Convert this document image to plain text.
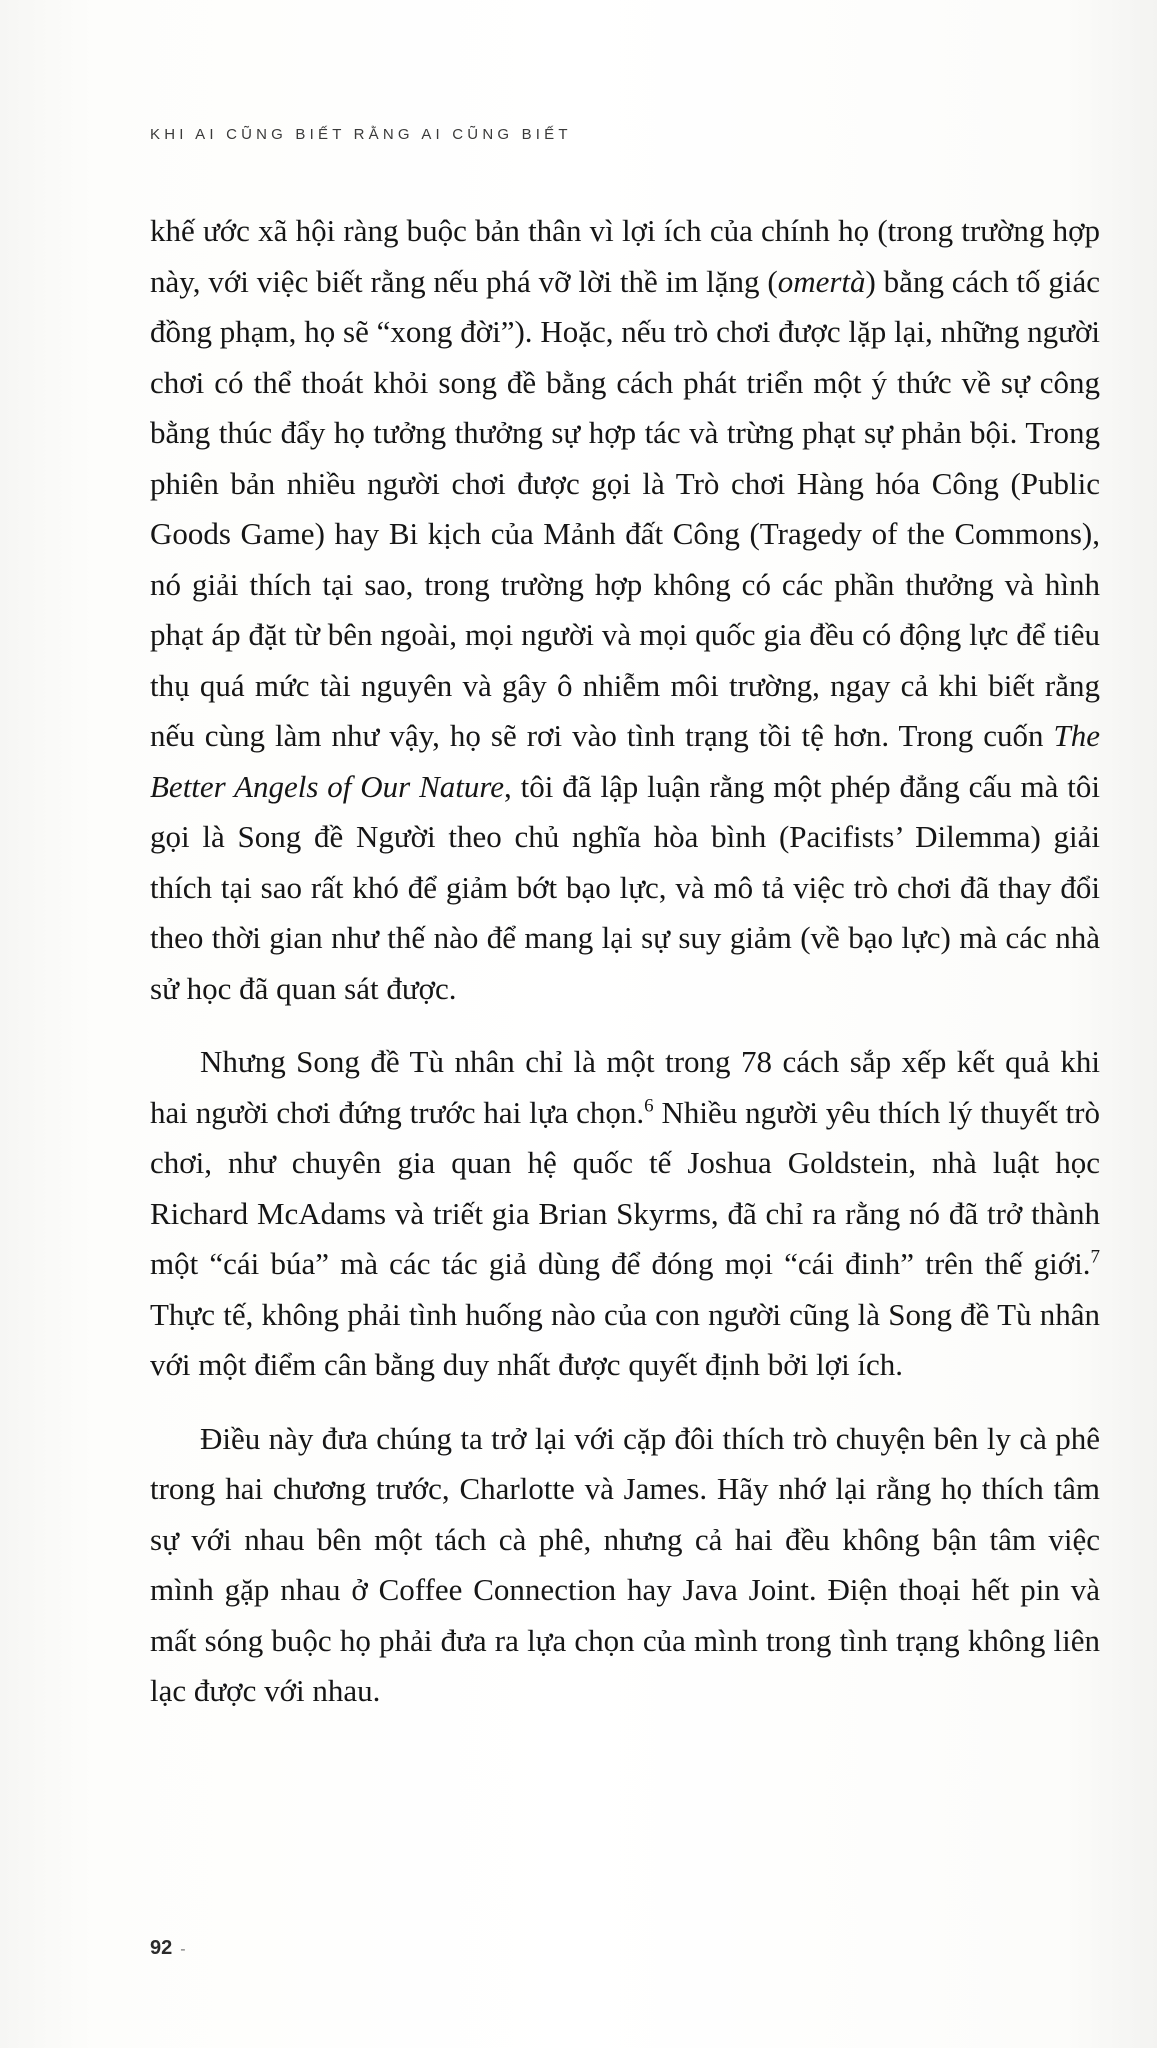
KHI AI CŨNG BIẾT RẰNG AI CŨNG BIẾT

khế ước xã hội ràng buộc bản thân vì lợi ích của chính họ (trong trường hợp này, với việc biết rằng nếu phá vỡ lời thề im lặng (omertà) bằng cách tố giác đồng phạm, họ sẽ “xong đời”). Hoặc, nếu trò chơi được lặp lại, những người chơi có thể thoát khỏi song đề bằng cách phát triển một ý thức về sự công bằng thúc đẩy họ tưởng thưởng sự hợp tác và trừng phạt sự phản bội. Trong phiên bản nhiều người chơi được gọi là Trò chơi Hàng hóa Công (Public Goods Game) hay Bi kịch của Mảnh đất Công (Tragedy of the Commons), nó giải thích tại sao, trong trường hợp không có các phần thưởng và hình phạt áp đặt từ bên ngoài, mọi người và mọi quốc gia đều có động lực để tiêu thụ quá mức tài nguyên và gây ô nhiễm môi trường, ngay cả khi biết rằng nếu cùng làm như vậy, họ sẽ rơi vào tình trạng tồi tệ hơn. Trong cuốn The Better Angels of Our Nature, tôi đã lập luận rằng một phép đẳng cấu mà tôi gọi là Song đề Người theo chủ nghĩa hòa bình (Pacifists’ Dilemma) giải thích tại sao rất khó để giảm bớt bạo lực, và mô tả việc trò chơi đã thay đổi theo thời gian như thế nào để mang lại sự suy giảm (về bạo lực) mà các nhà sử học đã quan sát được.

Nhưng Song đề Tù nhân chỉ là một trong 78 cách sắp xếp kết quả khi hai người chơi đứng trước hai lựa chọn.$^6$ Nhiều người yêu thích lý thuyết trò chơi, như chuyên gia quan hệ quốc tế Joshua Goldstein, nhà luật học Richard McAdams và triết gia Brian Skyrms, đã chỉ ra rằng nó đã trở thành một “cái búa” mà các tác giả dùng để đóng mọi “cái đinh” trên thế giới.$^7$ Thực tế, không phải tình huống nào của con người cũng là Song đề Tù nhân với một điểm cân bằng duy nhất được quyết định bởi lợi ích.

Điều này đưa chúng ta trở lại với cặp đôi thích trò chuyện bên ly cà phê trong hai chương trước, Charlotte và James. Hãy nhớ lại rằng họ thích tâm sự với nhau bên một tách cà phê, nhưng cả hai đều không bận tâm việc mình gặp nhau ở Coffee Connection hay Java Joint. Điện thoại hết pin và mất sóng buộc họ phải đưa ra lựa chọn của mình trong tình trạng không liên lạc được với nhau.

92 -
